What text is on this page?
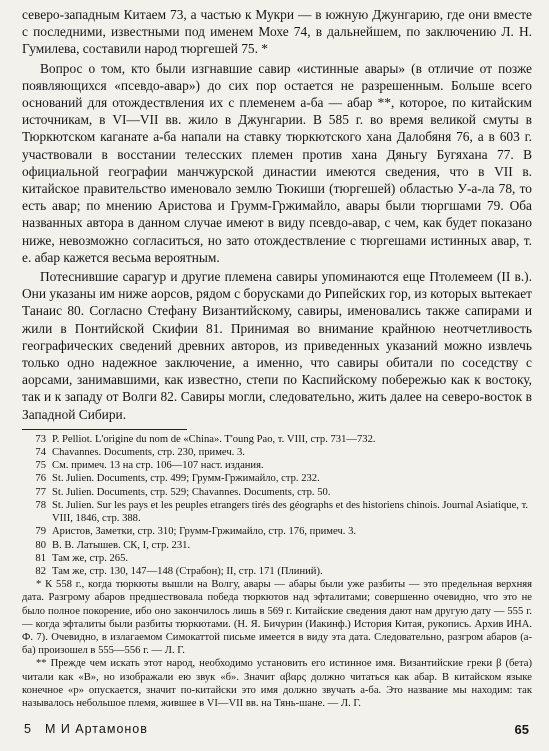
северо-западным Китаем 73, а частью к Мукри — в южную Джунгарию, где они вместе с последними, известными под именем Мохе 74, в дальнейшем, по заключению Л. Н. Гумилева, составили народ тюргешей 75. *

Вопрос о том, кто были изгнавшие савир «истинные авары» (в отличие от позже появляющихся «псевдо-авар») до сих пор остается не разрешенным. Больше всего оснований для отождествления их с племенем а-ба — абар **, которое, по китайским источникам, в VI—VII вв. жило в Джунгарии. В 585 г. во время великой смуты в Тюркютском каганате а-ба напали на ставку тюркютского хана Далобяня 76, а в 603 г. участвовали в восстании телесских племен против хана Дяньгу Бугяхана 77. В официальной географии манчжурской династии имеются сведения, что в VII в. китайское правительство именовало землю Тюкиши (тюргешей) областью У-а-ла 78, то есть авар; по мнению Аристова и Грумм-Гржимайло, авары были тюргшами 79. Оба названных автора в данном случае имеют в виду псевдо-авар, с чем, как будет показано ниже, невозможно согласиться, но зато отождествление с тюргешами истинных авар, т. е. абар кажется весьма вероятным.

Потеснившие сарагур и другие племена савиры упоминаются еще Птолемеем (II в.). Они указаны им ниже аорсов, рядом с борусками до Рипейских гор, из которых вытекает Танаис 80. Согласно Стефану Византийскому, савиры, именовались также сапирами и жили в Понтийской Скифии 81. Принимая во внимание крайнюю неотчетливость географических сведений древних авторов, из приведенных указаний можно извлечь только одно надежное заключение, а именно, что савиры обитали по соседству с аорсами, занимавшими, как известно, степи по Каспийскому побережью как к востоку, так и к западу от Волги 82. Савиры могли, следовательно, жить далее на северо-восток в Западной Сибири.

73 P. Pelliot. L'origine du nom de «China». T'oung Pao, т. VIII, стр. 731—732.
74 Chavannes. Documents, стр. 230, примеч. 3.
75 См. примеч. 13 на стр. 106—107 наст. издания.
76 St. Julien. Documents, стр. 499; Грумм-Гржимайло, стр. 232.
77 St. Julien. Documents, стр. 529; Chavannes. Documents, стр. 50.
78 St. Julien. Sur les pays et les peuples etrangers tirés des géographs et des historiens chinois. Journal Asiatique, т. VIII, 1846, стр. 388.
79 Аристов, Заметки, стр. 310; Грумм-Гржимайло, стр. 176, примеч. 3.
80 В. В. Латышев. СК, I, стр. 231.
81 Там же, стр. 265.
82 Там же, стр. 130, 147—148 (Страбон); II, стр. 171 (Плиний).
* К 558 г., когда тюркюты вышли на Волгу, авары — абары были уже разбиты — это предельная верхняя дата. Разгрому абаров предшествовала победа тюркютов над эфталитами; совершенно очевидно, что это не было полное покорение, ибо оно закончилось лишь в 569 г. Китайские сведения дают нам другую дату — 555 г. — когда эфталиты были разбиты тюркютами. (Н. Я. Бичурин (Иакинф.) История Китая, рукопись. Архив ИНА. Ф. 7). Очевидно, в излагаемом Симокаттой письме имеется в виду эта дата. Следовательно, разгром абаров (а-ба) произошел в 555—556 г. — Л. Г.
** Прежде чем искать этот народ, необходимо установить его истинное имя. Византийские греки β (бета) читали как «В», но изображали ею звук «б». Значит αβαρς должно читаться как абар. В китайском языке конечное «р» опускается, значит по-китайски это имя должно звучать а-ба. Это название мы находим: так называлось небольшое племя, жившее в VI—VII вв. на Тянь-шане. — Л. Г.
5 М И Артамонов	65
